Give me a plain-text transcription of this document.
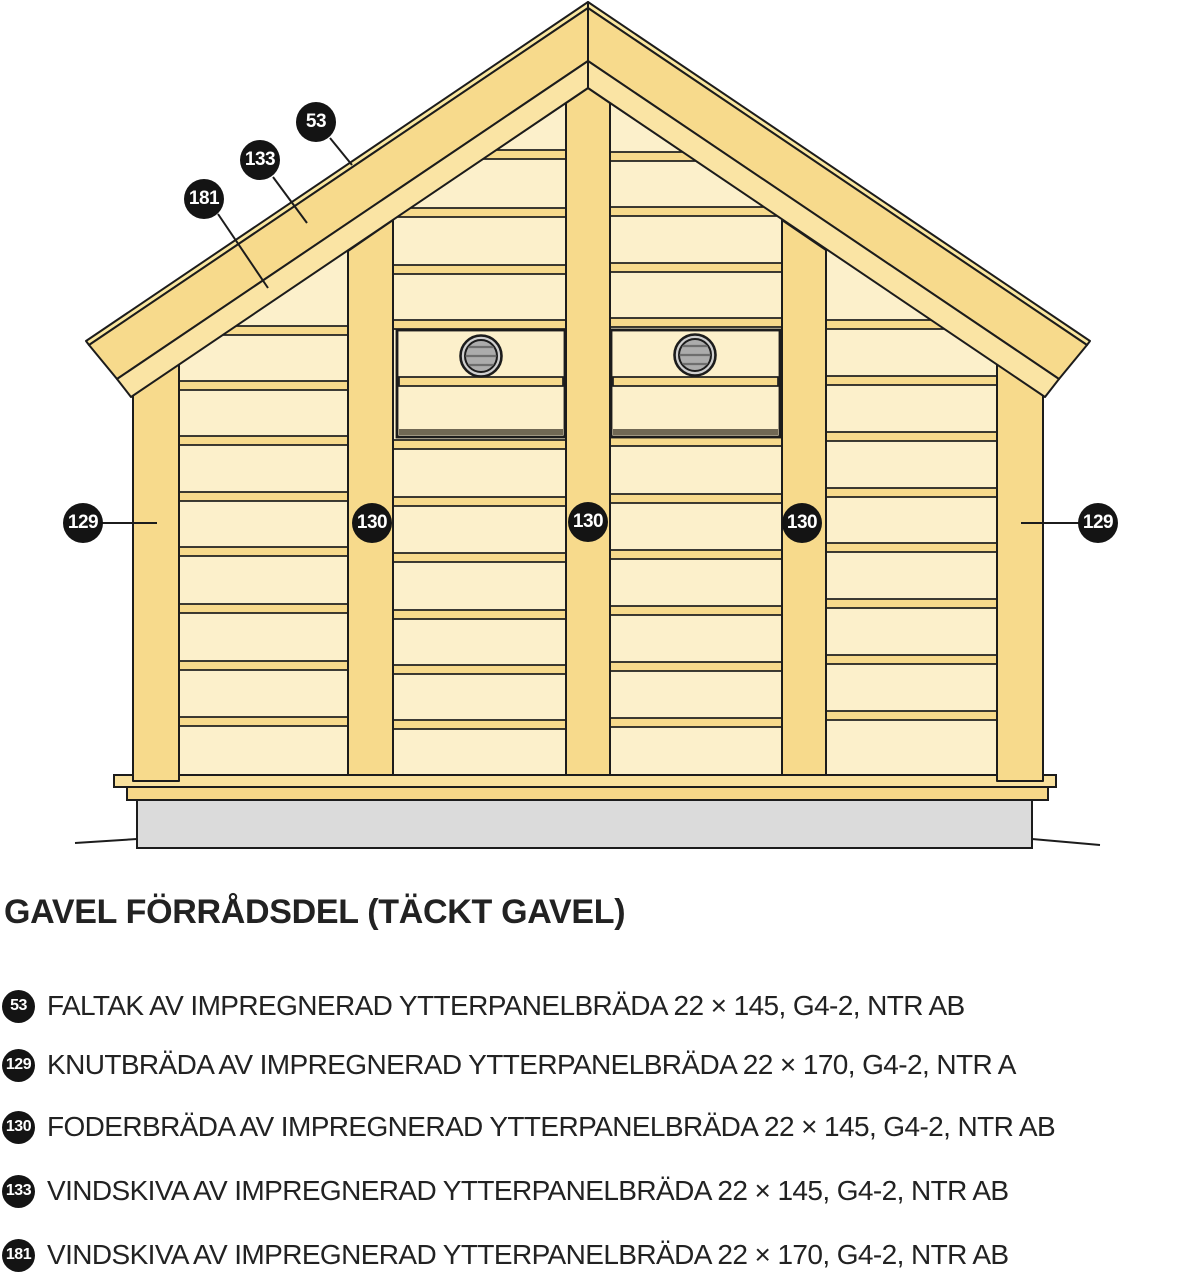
53
133
181
129	130	130	130	129
GAVEL FÖRRÅDSDEL (TÄCKT GAVEL)
53 FALTAK AV IMPREGNERAD YTTERPANELBRÄDA 22 × 145, G4-2, NTR AB
129 KNUTBRÄDA AV IMPREGNERAD YTTERPANELBRÄDA 22 × 170, G4-2, NTR A
130 FODERBRÄDA AV IMPREGNERAD YTTERPANELBRÄDA 22 × 145, G4-2, NTR AB
133 VINDSKIVA AV IMPREGNERAD YTTERPANELBRÄDA 22 × 145, G4-2, NTR AB
181 VINDSKIVA AV IMPREGNERAD YTTERPANELBRÄDA 22 × 170, G4-2, NTR AB
